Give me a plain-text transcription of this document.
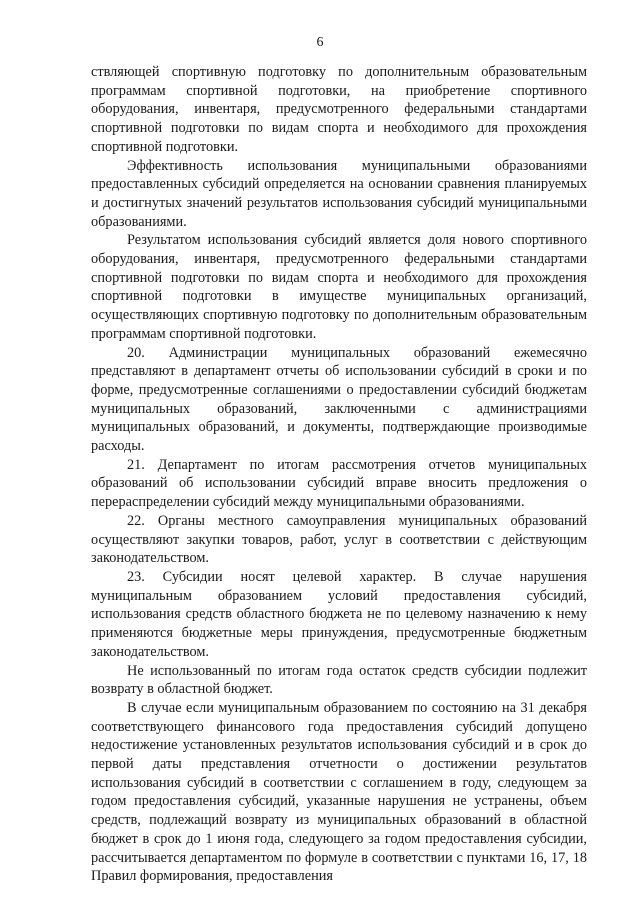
6

ствляющей спортивную подготовку по дополнительным образовательным программам спортивной подготовки, на приобретение спортивного оборудования, инвентаря, предусмотренного федеральными стандартами спортивной подготовки по видам спорта и необходимого для прохождения спортивной подготовки.

Эффективность использования муниципальными образованиями предоставленных субсидий определяется на основании сравнения планируемых и достигнутых значений результатов использования субсидий муниципальными образованиями.

Результатом использования субсидий является доля нового спортивного оборудования, инвентаря, предусмотренного федеральными стандартами спортивной подготовки по видам спорта и необходимого для прохождения спортивной подготовки в имуществе муниципальных организаций, осуществляющих спортивную подготовку по дополнительным образовательным программам спортивной подготовки.

20. Администрации муниципальных образований ежемесячно представляют в департамент отчеты об использовании субсидий в сроки и по форме, предусмотренные соглашениями о предоставлении субсидий бюджетам муниципальных образований, заключенными с администрациями муниципальных образований, и документы, подтверждающие производимые расходы.

21. Департамент по итогам рассмотрения отчетов муниципальных образований об использовании субсидий вправе вносить предложения о перераспределении субсидий между муниципальными образованиями.

22. Органы местного самоуправления муниципальных образований осуществляют закупки товаров, работ, услуг в соответствии с действующим законодательством.

23. Субсидии носят целевой характер. В случае нарушения муниципальным образованием условий предоставления субсидий, использования средств областного бюджета не по целевому назначению к нему применяются бюджетные меры принуждения, предусмотренные бюджетным законодательством.

Не использованный по итогам года остаток средств субсидии подлежит возврату в областной бюджет.

В случае если муниципальным образованием по состоянию на 31 декабря соответствующего финансового года предоставления субсидий допущено недостижение установленных результатов использования субсидий и в срок до первой даты представления отчетности о достижении результатов использования субсидий в соответствии с соглашением в году, следующем за годом предоставления субсидий, указанные нарушения не устранены, объем средств, подлежащий возврату из муниципальных образований в областной бюджет в срок до 1 июня года, следующего за годом предоставления субсидии, рассчитывается департаментом по формуле в соответствии с пунктами 16, 17, 18 Правил формирования, предоставления
